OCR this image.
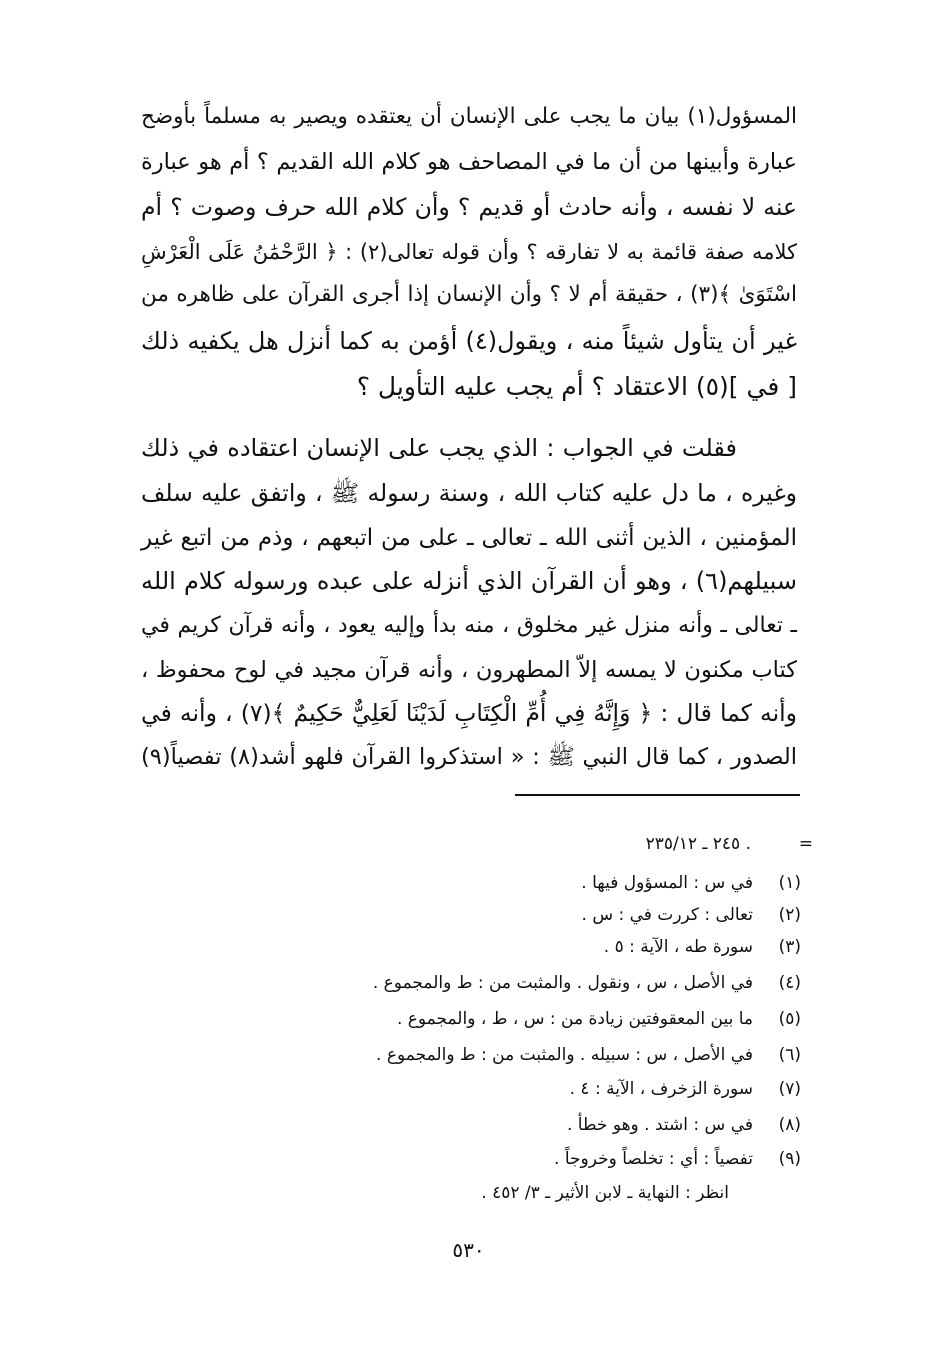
المسؤول(١) بيان ما يجب على الإنسان أن يعتقده ويصير به مسلماً بأوضح
عبارة وأبينها من أن ما في المصاحف هو كلام الله القديم ؟ أم هو عبارة
عنه لا نفسه ، وأنه حادث أو قديم ؟ وأن كلام الله حرف وصوت ؟ أم
كلامه صفة قائمة به لا تفارقه ؟ وأن قوله تعالى(٢) : ﴿ الرَّحْمَٰنُ عَلَى الْعَرْشِ
اسْتَوَىٰ ﴾(٣) ، حقيقة أم لا ؟ وأن الإنسان إذا أجرى القرآن على ظاهره من
غير أن يتأول شيئاً منه ، ويقول(٤) أؤمن به كما أنزل هل يكفيه ذلك
[ في ](٥) الاعتقاد ؟ أم يجب عليه التأويل ؟
فقلت في الجواب : الذي يجب على الإنسان اعتقاده في ذلك
وغيره ، ما دل عليه كتاب الله ، وسنة رسوله ﷺ ، واتفق عليه سلف
المؤمنين ، الذين أثنى الله ـ تعالى ـ على من اتبعهم ، وذم من اتبع غير
سبيلهم(٦) ، وهو أن القرآن الذي أنزله على عبده ورسوله كلام الله
ـ تعالى ـ وأنه منزل غير مخلوق ، منه بدأ وإليه يعود ، وأنه قرآن كريم في
كتاب مكنون لا يمسه إلاّ المطهرون ، وأنه قرآن مجيد في لوح محفوظ ،
وأنه كما قال : ﴿ وَإِنَّهُ فِي أُمِّ الْكِتَابِ لَدَيْنَا لَعَلِيٌّ حَكِيمٌ ﴾(٧) ، وأنه في
الصدور ، كما قال النبي ﷺ : « استذكروا القرآن فلهو أشد(٨) تفصياً(٩)
=
. ٢٤٥ ـ ٢٣٥/١٢
(١)
في س : المسؤول فيها .
(٢)
تعالى : كررت في : س .
(٣)
سورة طه ، الآية : ٥ .
(٤)
في الأصل ، س ، ونقول . والمثبت من : ط والمجموع .
(٥)
ما بين المعقوفتين زيادة من : س ، ط ، والمجموع .
(٦)
في الأصل ، س : سبيله . والمثبت من : ط والمجموع .
(٧)
سورة الزخرف ، الآية : ٤ .
(٨)
في س : اشتد . وهو خطأ .
(٩)
تفصياً : أي : تخلصاً وخروجاً .
انظر : النهاية ـ لابن الأثير ـ ٣/ ٤٥٢ .
٥٣٠
